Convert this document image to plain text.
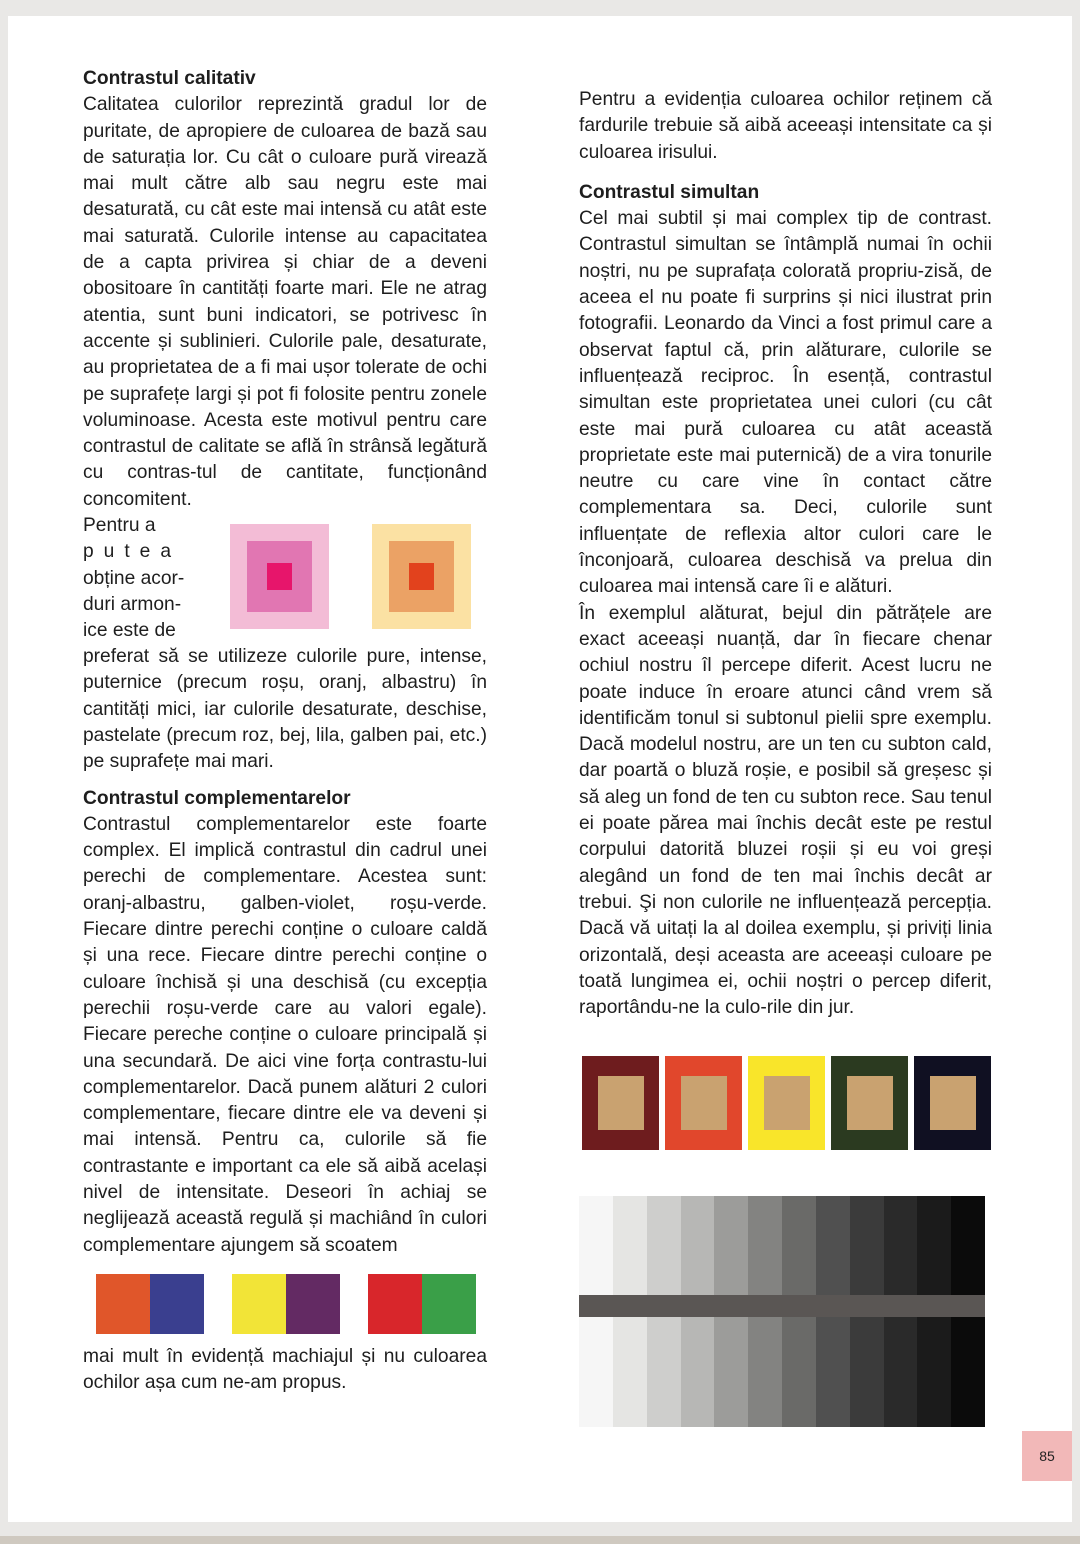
Contrastul calitativ

Calitatea culorilor reprezintă gradul lor de puritate, de apropiere de culoarea de bază sau de saturația lor. Cu cât o culoare pură virează mai mult către alb sau negru este mai desaturată, cu cât este mai intensă cu atât este mai saturată. Culorile intense au capacitatea de a capta privirea și chiar de a deveni obositoare în cantități foarte mari. Ele ne atrag atentia, sunt buni indicatori, se potrivesc în accente și sublinieri. Culorile pale, desaturate, au proprietatea de a fi mai ușor tolerate de ochi pe suprafețe largi și pot fi folosite pentru zonele voluminoase. Acesta este motivul pentru care contrastul de calitate se află în strânsă legătură cu contras-tul de cantitate, funcționând concomitent.

Pentru a
putea
obține acor-
duri armon-
ice este de

preferat să se utilizeze culorile pure, intense, puternice (precum roșu, oranj, albastru) în cantități mici, iar culorile desaturate, deschise, pastelate (precum roz, bej, lila, galben pai, etc.) pe suprafețe mai mari.

Contrastul complementarelor

Contrastul complementarelor este foarte complex. El implică contrastul din cadrul unei perechi de complementare. Acestea sunt: oranj-albastru, galben-violet, roșu-verde. Fiecare dintre perechi conține o culoare caldă și una rece. Fiecare dintre perechi conține o culoare închisă și una deschisă (cu excepția perechii roșu-verde care au valori egale). Fiecare pereche conține o culoare principală și una secundară. De aici vine forța contrastu-lui complementarelor. Dacă punem alături 2 culori complementare, fiecare dintre ele va deveni și mai intensă. Pentru ca, culorile să fie contrastante e important ca ele să aibă același nivel de intensitate. Deseori în achiaj se neglijează această regulă și machiând în culori complementare ajungem să scoatem

mai mult în evidență machiajul și nu culoarea ochilor așa cum ne-am propus.

Pentru a evidenția culoarea ochilor reținem că fardurile trebuie să aibă aceeași intensitate ca și culoarea irisului.

Contrastul simultan

Cel mai subtil și mai complex tip de contrast. Contrastul simultan se întâmplă numai în ochii noștri, nu pe suprafața colorată propriu-zisă, de aceea el nu poate fi surprins și nici ilustrat prin fotografii. Leonardo da Vinci a fost primul care a observat faptul că, prin alăturare, culorile se influențează reciproc. În esență, contrastul simultan este proprietatea unei culori (cu cât este mai pură culoarea cu atât această proprietate este mai puternică) de a vira tonurile neutre cu care vine în contact către complementara sa. Deci, culorile sunt influențate de reflexia altor culori care le înconjoară, culoarea deschisă va prelua din culoarea mai intensă care îi e alături.

În exemplul alăturat, bejul din pătrățele are exact aceeași nuanță, dar în fiecare chenar ochiul nostru îl percepe diferit. Acest lucru ne poate induce în eroare atunci când vrem să identificăm tonul si subtonul pielii spre exemplu. Dacă modelul nostru, are un ten cu subton cald, dar poartă o bluză roșie, e posibil să greșesc și să aleg un fond de ten cu subton rece. Sau tenul ei poate părea mai închis decât este pe restul corpului datorită bluzei roșii și eu voi greși alegând un fond de ten mai închis decât ar trebui. Şi non culorile ne influențează percepția. Dacă vă uitați la al doilea exemplu, și priviți linia orizontală, deși aceasta are aceeași culoare pe toată lungimea ei, ochii noștri o percep diferit, raportându-ne la culo-rile din jur.

85
